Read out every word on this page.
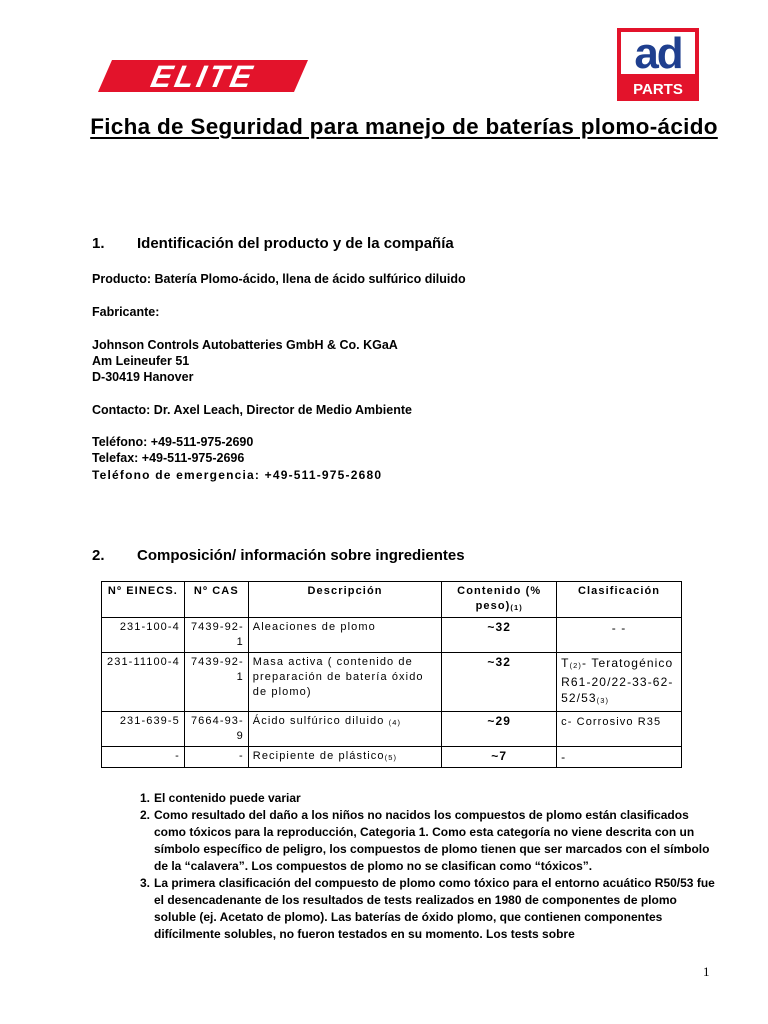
ELITE	ad
PARTS
Ficha de Seguridad para manejo de baterías plomo-ácido
1. Identificación del producto y de la compañía
Producto: Batería Plomo-ácido, llena de ácido sulfúrico diluido
Fabricante:
Johnson Controls Autobatteries GmbH & Co. KGaA
Am Leineufer 51
D-30419 Hanover
Contacto: Dr. Axel Leach, Director de Medio Ambiente
Teléfono: +49-511-975-2690
Telefax: +49-511-975-2696
Teléfono de emergencia: +49-511-975-2680
2. Composición/ información sobre ingredientes
Nº EINECS.	Nº CAS	Descripción	Contenido (% peso)(1)	Clasificación
231-100-4	7439-92-1	Aleaciones de plomo	~32	- -
231-11100-4	7439-92-1	Masa activa ( contenido de preparación de batería óxido de plomo)	~32	T(2)- Teratogénico R61-20/22-33-62-52/53(3)
231-639-5	7664-93-9	Ácido sulfúrico diluido (4)	~29	c- Corrosivo R35
-	-	Recipiente de plástico(5)	~7	-
1. El contenido puede variar
2. Como resultado del daño a los niños no nacidos los compuestos de plomo están clasificados como tóxicos para la reproducción, Categoria 1. Como esta categoría no viene descrita con un símbolo específico de peligro, los compuestos de plomo tienen que ser marcados con el símbolo de la “calavera”. Los compuestos de plomo no se clasifican como “tóxicos”.
3. La primera clasificación del compuesto de plomo como tóxico para el entorno acuático R50/53 fue el desencadenante de los resultados de tests realizados en 1980 de componentes de plomo soluble (ej. Acetato de plomo). Las baterías de óxido plomo, que contienen componentes difícilmente solubles, no fueron testados en su momento. Los tests sobre
1
